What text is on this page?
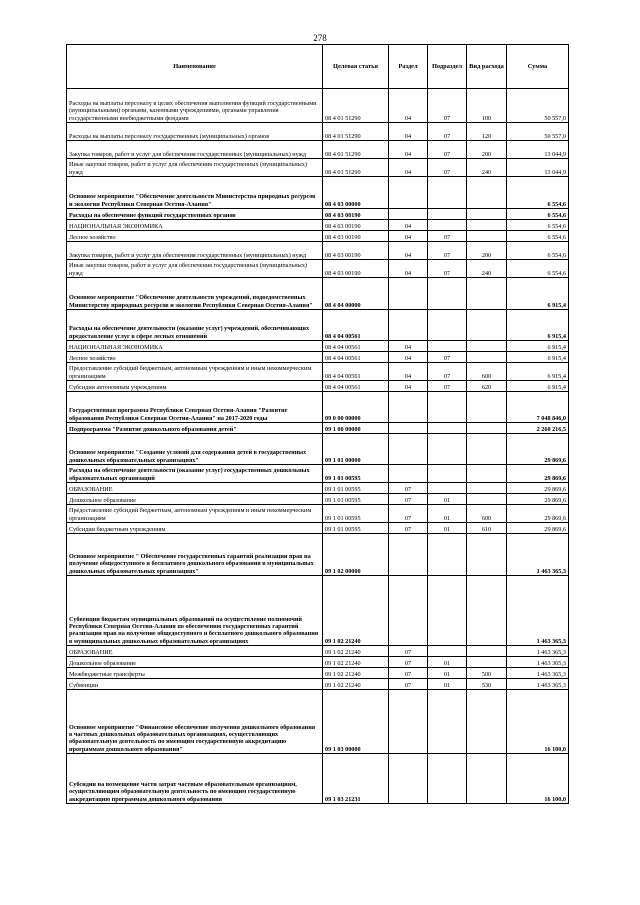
278
Наименование	Целевая статья	Раздел	Подраздел	Вид расхода	Сумма
Расходы на выплаты персоналу в целях обеспечения выполнения функций государственными (муниципальными) органами, казенными учреждениями, органами управления государственными внебюджетными фондами	08 4 01 51290	04	07	100	50 557,0
Расходы на выплаты персоналу государственных (муниципальных) органов	08 4 01 51290	04	07	120	50 557,0
Закупка товаров, работ и услуг для обеспечения государственных (муниципальных) нужд	08 4 01 51290	04	07	200	13 044,9
Иные закупки товаров, работ и услуг для обеспечения государственных (муниципальных) нужд	08 4 01 51290	04	07	240	13 044,9
Основное мероприятие "Обеспечение деятельности Министерства природных ресурсов и экологии Республики Северная Осетия-Алания"	08 4 03 00000				6 554,6
Расходы на обеспечение функций государственных органов	08 4 03 00190				6 554,6
НАЦИОНАЛЬНАЯ ЭКОНОМИКА	08 4 03 00190	04			6 554,6
Лесное хозяйство	08 4 03 00190	04	07		6 554,6
Закупка товаров, работ и услуг для обеспечения государственных (муниципальных) нужд	08 4 03 00190	04	07	200	6 554,6
Иные закупки товаров, работ и услуг для обеспечения государственных (муниципальных) нужд	08 4 03 00190	04	07	240	6 554,6
Основное мероприятие "Обеспечение деятельности учреждений, подведомственных Министерству природных ресурсов и экологии Республики Северная Осетия-Алания"	08 4 04 00000				6 915,4
Расходы на обеспечение деятельности (оказание услуг) учреждений, обеспечивающих предоставление услуг в сфере лесных отношений	08 4 04 00561				6 915,4
НАЦИОНАЛЬНАЯ ЭКОНОМИКА	08 4 04 00561	04			6 915,4
Лесное хозяйство	08 4 04 00561	04	07		6 915,4
Предоставление субсидий бюджетным, автономным учреждениям и иным некоммерческим организациям	08 4 04 00561	04	07	600	6 915,4
Субсидии автономным учреждениям	08 4 04 00561	04	07	620	6 915,4
Государственная программа Республики Северная Осетия-Алания "Развитие образования Республики Северная Осетия-Алания" на 2017-2020 годы	09 0 00 00000				7 048 846,0
Подпрограмма "Развитие дошкольного образования детей"	09 1 00 00000				2 260 216,5
Основное мероприятие "Создание условий для содержания детей в государственных дошкольных образовательных организациях"	09 1 01 00000				29 869,6
Расходы на обеспечение деятельности (оказание услуг) государственных дошкольных образовательных организаций	09 1 01 00595				29 869,6
ОБРАЗОВАНИЕ	09 1 01 00595	07			29 869,6
Дошкольное образование	09 1 01 00595	07	01		29 869,6
Предоставление субсидий бюджетным, автономным учреждениям и иным некоммерческим организациям	09 1 01 00595	07	01	600	29 869,6
Субсидии бюджетным учреждениям	09 1 01 00595	07	01	610	29 869,6
Основное мероприятие " Обеспечение государственных гарантий реализации прав на получение общедоступного и бесплатного дошкольного образования в муниципальных дошкольных образовательных организациях"	09 1 02 00000				1 463 365,3
Субвенции бюджетам муниципальных образований на осуществление полномочий Республики Северная Осетия-Алания по обеспечению государственных гарантий реализации прав на получение общедоступного и бесплатного дошкольного образования в муниципальных дошкольных образовательных организациях	09 1 02 21240				1 463 365,3
ОБРАЗОВАНИЕ	09 1 02 21240	07			1 463 365,3
Дошкольное образование	09 1 02 21240	07	01		1 463 365,3
Межбюджетные трансферты	09 1 02 21240	07	01	500	1 463 365,3
Субвенции	09 1 02 21240	07	01	530	1 463 365,3
Основное мероприятие "Финансовое обеспечение получения дошкольного образования в частных дошкольных образовательных организациях, осуществляющих образовательную деятельность по имеющим государственную аккредитацию программам дошкольного образования"	09 1 03 00000				16 100,0
Субсидии на возмещение части затрат частным образовательным организациям, осуществляющим образовательную деятельность по имеющим государственную аккредитацию программам дошкольного образования	09 1 03 21231				16 100,0
